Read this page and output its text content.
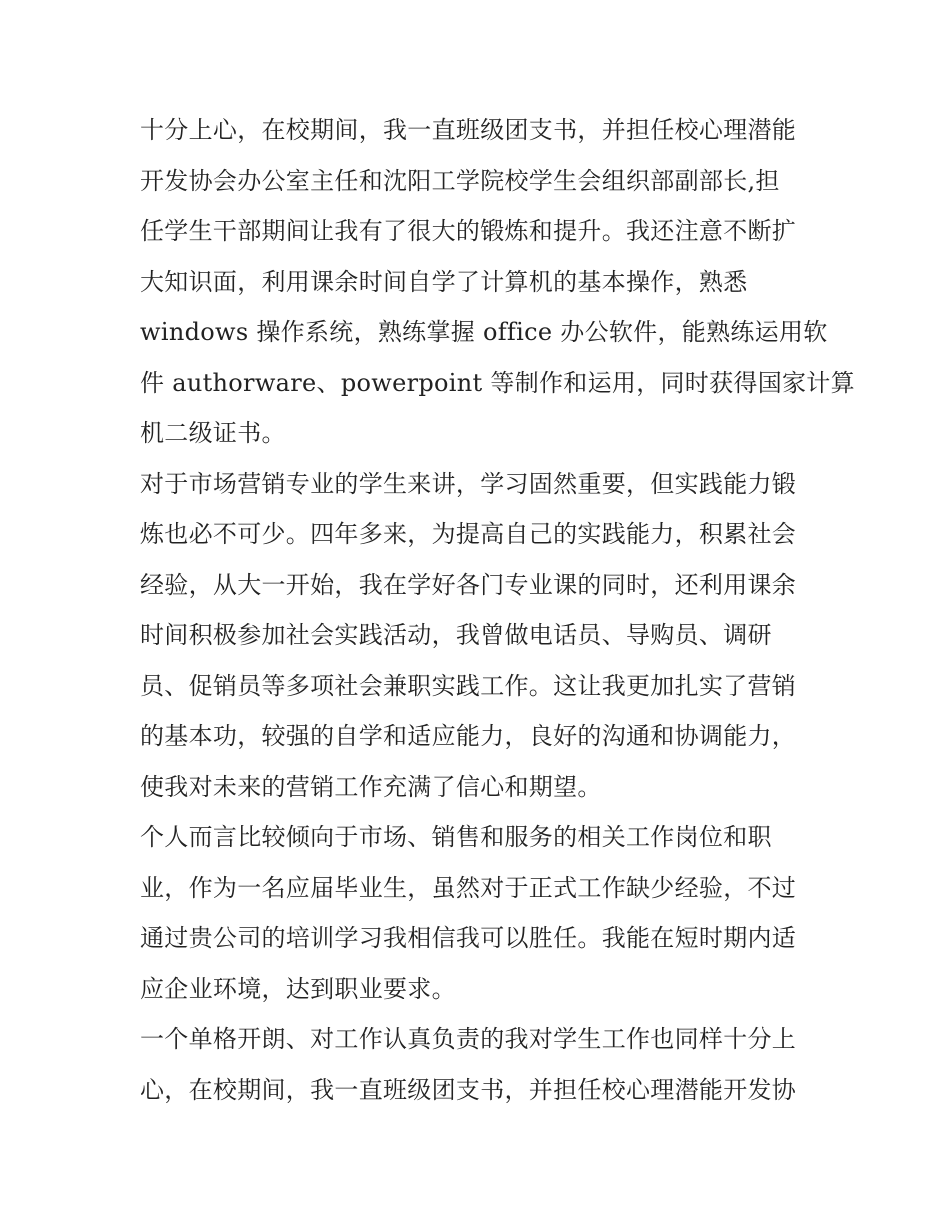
十分上心，在校期间，我一直班级团支书，并担任校心理潜能
开发协会办公室主任和沈阳工学院校学生会组织部副部长,担
任学生干部期间让我有了很大的锻炼和提升。我还注意不断扩
大知识面，利用课余时间自学了计算机的基本操作，熟悉
windows 操作系统，熟练掌握 office 办公软件，能熟练运用软
件 authorware、powerpoint 等制作和运用，同时获得国家计算
机二级证书。
对于市场营销专业的学生来讲，学习固然重要，但实践能力锻
炼也必不可少。四年多来，为提高自己的实践能力，积累社会
经验，从大一开始，我在学好各门专业课的同时，还利用课余
时间积极参加社会实践活动，我曾做电话员、导购员、调研
员、促销员等多项社会兼职实践工作。这让我更加扎实了营销
的基本功，较强的自学和适应能力，良好的沟通和协调能力，
使我对未来的营销工作充满了信心和期望。
个人而言比较倾向于市场、销售和服务的相关工作岗位和职
业，作为一名应届毕业生，虽然对于正式工作缺少经验，不过
通过贵公司的培训学习我相信我可以胜任。我能在短时期内适
应企业环境，达到职业要求。
一个单格开朗、对工作认真负责的我对学生工作也同样十分上
心，在校期间，我一直班级团支书，并担任校心理潜能开发协
